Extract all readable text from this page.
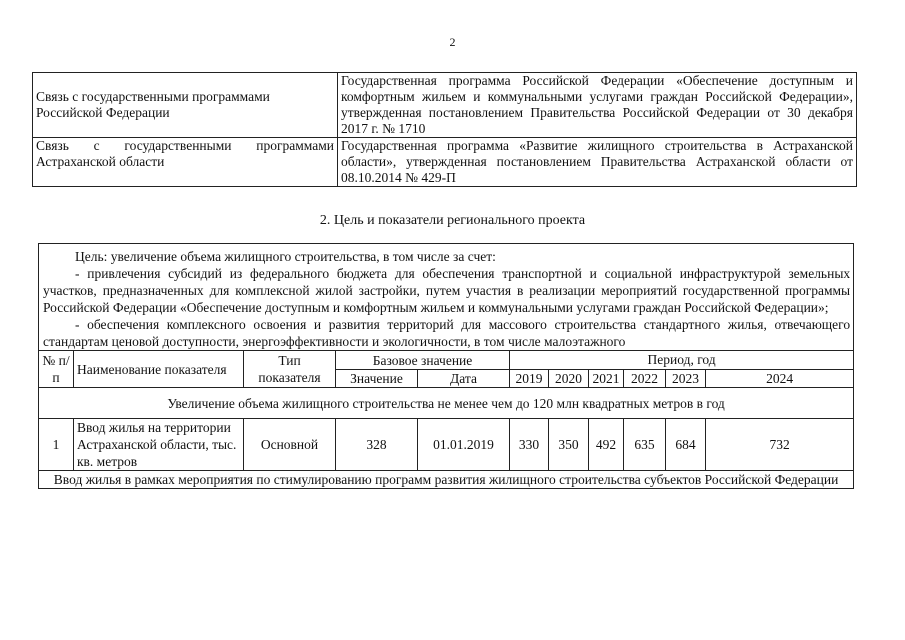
2
Связь с государственными программами Российской Федерации	Государственная программа Российской Федерации «Обеспечение доступным и комфортным жильем и коммунальными услугами граждан Российской Федерации», утвержденная постановлением Правительства Российской Федерации от 30 декабря 2017 г. № 1710
Связь с государственными программами Астраханской области	Государственная программа «Развитие жилищного строительства в Астраханской области», утвержденная постановлением Правительства Астраханской области от 08.10.2014 № 429-П
2. Цель и показатели регионального проекта
Цель: увеличение объема жилищного строительства, в том числе за счет:
- привлечения субсидий из федерального бюджета для обеспечения транспортной и социальной инфраструктурой земельных участков, предназначенных для комплексной жилой застройки, путем участия в реализации мероприятий государственной программы Российской Федерации «Обеспечение доступным и комфортным жильем и коммунальными услугами граждан Российской Федерации»;
- обеспечения комплексного освоения и развития территорий для массового строительства стандартного жилья, отвечающего стандартам ценовой доступности, энергоэффективности и экологичности, в том числе малоэтажного										

№ п/п	Наименование показателя	Тип показателя	Базовое значение		Период, год					
			Значение	Дата	2019	2020	2021	2022	2023	2024
Увеличение объема жилищного строительства не менее чем до 120 млн квадратных метров в год										
1	Ввод жилья на территории Астраханской области, тыс. кв. метров	Основной	328	01.01.2019	330	350	492	635	684	732
Ввод жилья в рамках мероприятия по стимулированию программ развития жилищного строительства субъектов Российской Федерации										
